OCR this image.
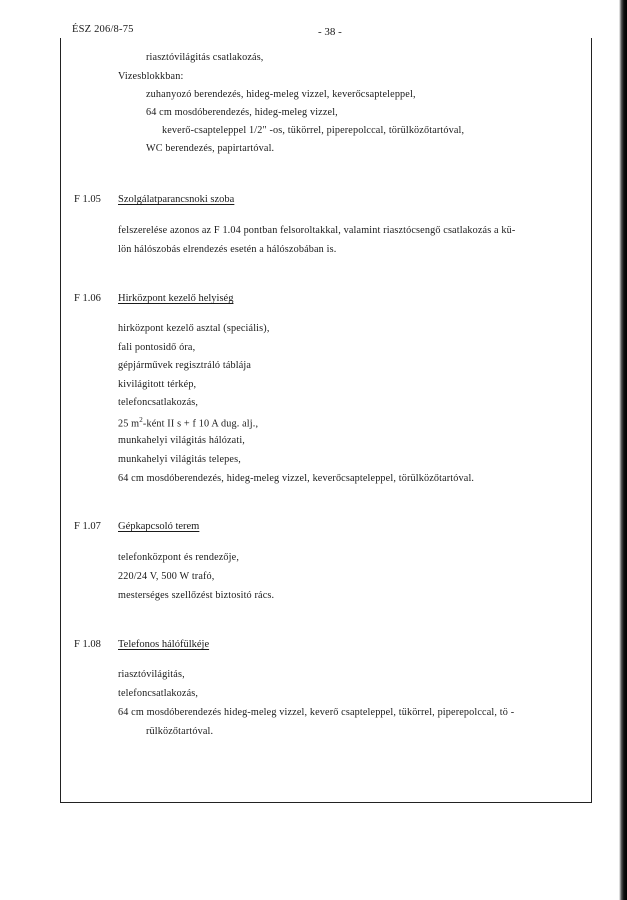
ÉSZ 206/8-75	- 38 -
riasztóvilágitás csatlakozás,
Vizesblokkban:
zuhanyozó berendezés, hideg-meleg vizzel, keverőcsapteleppel,
64 cm mosdóberendezés, hideg-meleg vizzel,
keverő-csapteleppel 1/2" -os, tükörrel, piperepolccal, törülközőtartóval,
WC berendezés, papirtartóval.
F 1.05 Szolgálatparancsnoki szoba
felszerelése azonos az F 1.04 pontban felsoroltakkal, valamint riasztócsengő csatlakozás a kü-
lön hálószobás elrendezés esetén a hálószobában is.
F 1.06 Hirközpont kezelő helyiség
hirközpont kezelő asztal (speciális),
fali pontosidő óra,
gépjárművek regisztráló táblája
kivilágitott térkép,
telefoncsatlakozás,
25 $m^2$-ként II s + f 10 A dug. alj.,
munkahelyi világitás hálózati,
munkahelyi világitás telepes,
64 cm mosdóberendezés, hideg-meleg vizzel, keverőcsapteleppel, törülközőtartóval.
F 1.07 Gépkapcsoló terem
telefonközpont és rendezője,
220/24 V, 500 W trafó,
mesterséges szellőzést biztositó rács.
F 1.08 Telefonos hálófülkéje
riasztóvilágitás,
telefoncsatlakozás,
64 cm mosdóberendezés hideg-meleg vizzel, keverő csapteleppel, tükörrel, piperepolccal, tö -
rülközőtartóval.
